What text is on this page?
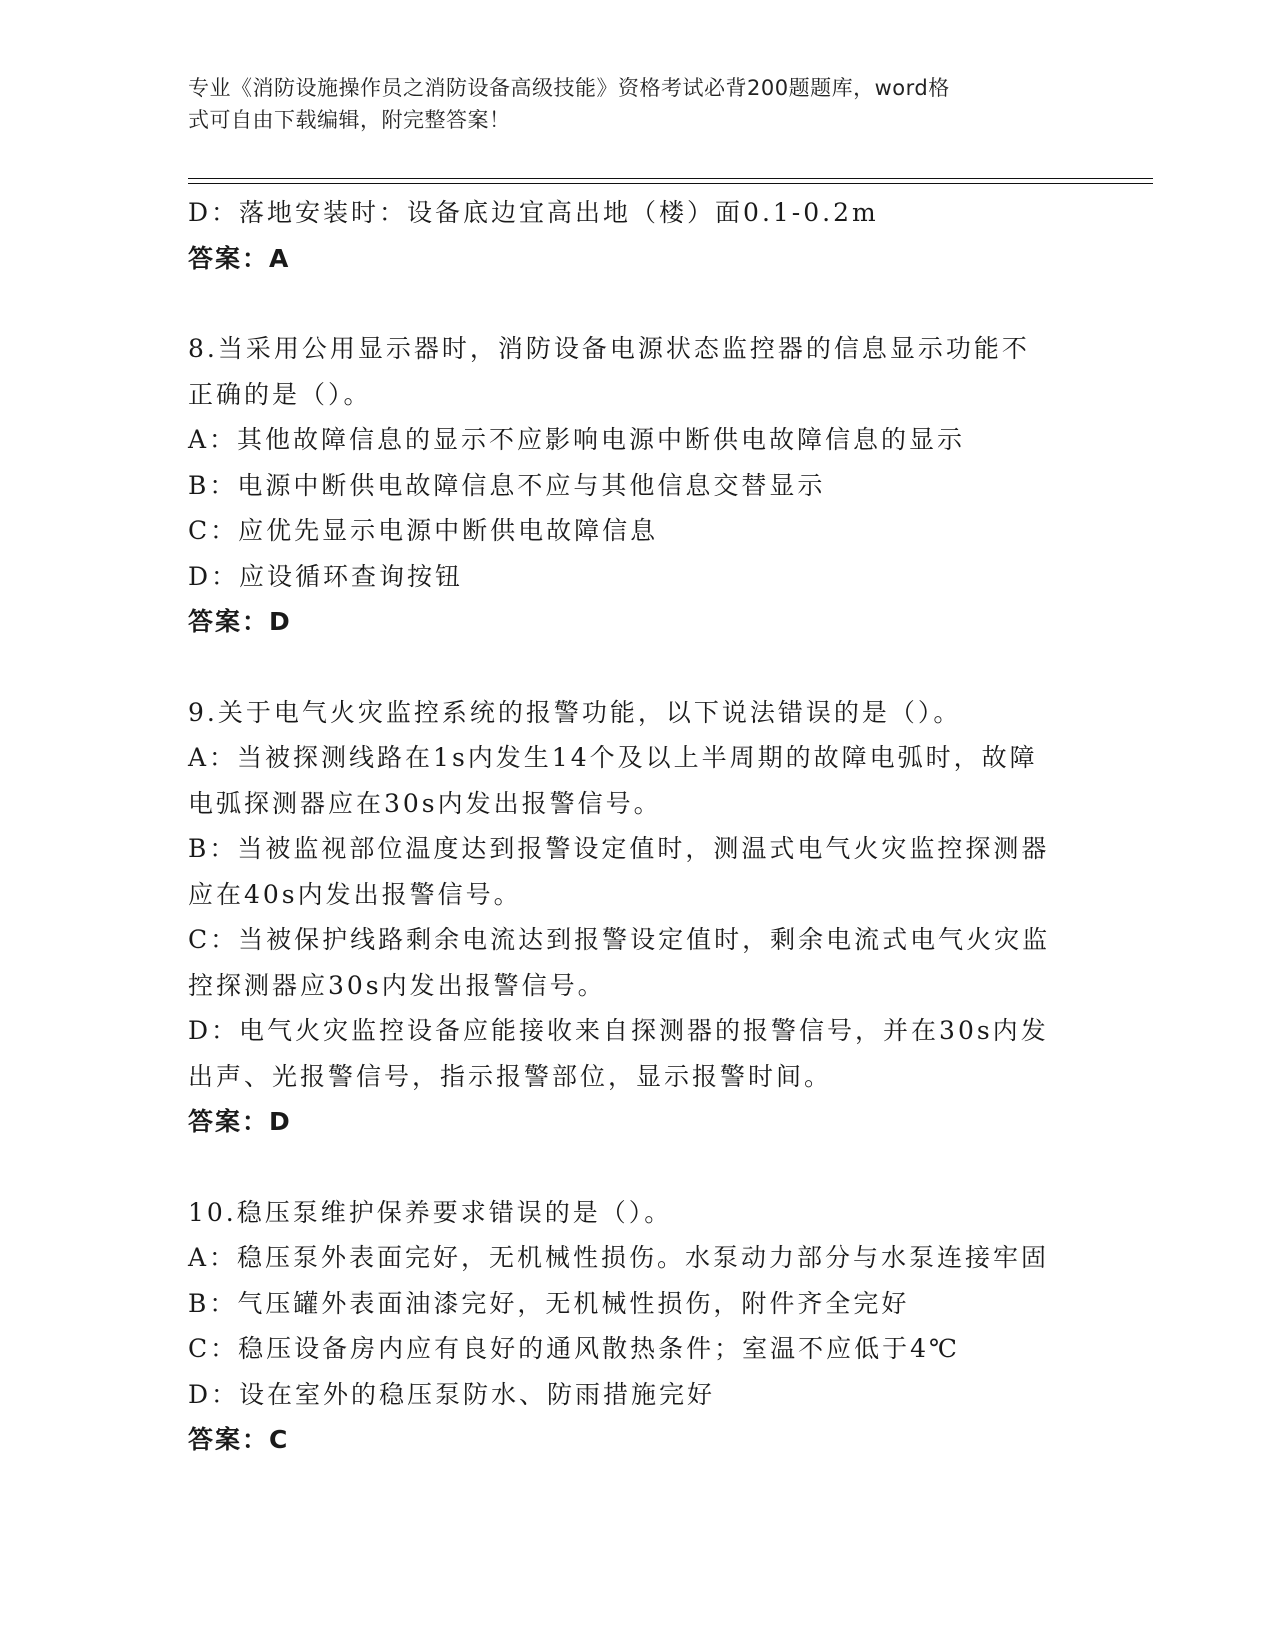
专业《消防设施操作员之消防设备高级技能》资格考试必背200题题库，word格
式可自由下载编辑，附完整答案！
D：落地安装时：设备底边宜高出地（楼）面0.1-0.2m
答案：A
8.当采用公用显示器时，消防设备电源状态监控器的信息显示功能不
正确的是（）。
A：其他故障信息的显示不应影响电源中断供电故障信息的显示
B：电源中断供电故障信息不应与其他信息交替显示
C：应优先显示电源中断供电故障信息
D：应设循环查询按钮
答案：D
9.关于电气火灾监控系统的报警功能，以下说法错误的是（）。
A：当被探测线路在1s内发生14个及以上半周期的故障电弧时，故障
电弧探测器应在30s内发出报警信号。
B：当被监视部位温度达到报警设定值时，测温式电气火灾监控探测器
应在40s内发出报警信号。
C：当被保护线路剩余电流达到报警设定值时，剩余电流式电气火灾监
控探测器应30s内发出报警信号。
D：电气火灾监控设备应能接收来自探测器的报警信号，并在30s内发
出声、光报警信号，指示报警部位，显示报警时间。
答案：D
10.稳压泵维护保养要求错误的是（）。
A：稳压泵外表面完好，无机械性损伤。水泵动力部分与水泵连接牢固
B：气压罐外表面油漆完好，无机械性损伤，附件齐全完好
C：稳压设备房内应有良好的通风散热条件；室温不应低于4℃
D：设在室外的稳压泵防水、防雨措施完好
答案：C
